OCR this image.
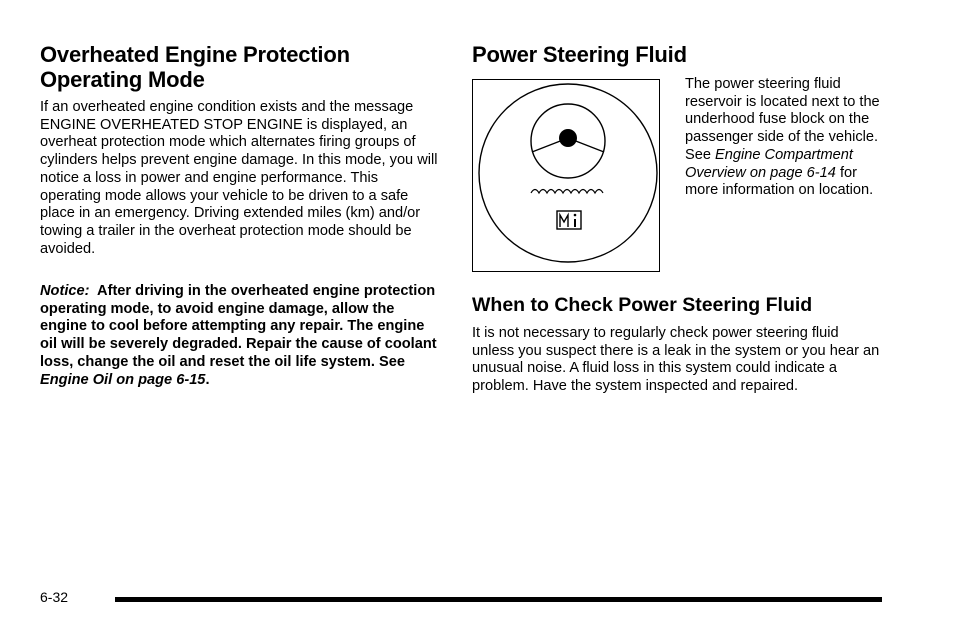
Overheated Engine Protection Operating Mode

If an overheated engine condition exists and the message ENGINE OVERHEATED STOP ENGINE is displayed, an overheat protection mode which alternates firing groups of cylinders helps prevent engine damage. In this mode, you will notice a loss in power and engine performance. This operating mode allows your vehicle to be driven to a safe place in an emergency. Driving extended miles (km) and/or towing a trailer in the overheat protection mode should be avoided.

Notice: After driving in the overheated engine protection operating mode, to avoid engine damage, allow the engine to cool before attempting any repair. The engine oil will be severely degraded. Repair the cause of coolant loss, change the oil and reset the oil life system. See Engine Oil on page 6-15.

Power Steering Fluid

The power steering fluid reservoir is located next to the underhood fuse block on the passenger side of the vehicle. See Engine Compartment Overview on page 6-14 for more information on location.

When to Check Power Steering Fluid

It is not necessary to regularly check power steering fluid unless you suspect there is a leak in the system or you hear an unusual noise. A fluid loss in this system could indicate a problem. Have the system inspected and repaired.

6-32
